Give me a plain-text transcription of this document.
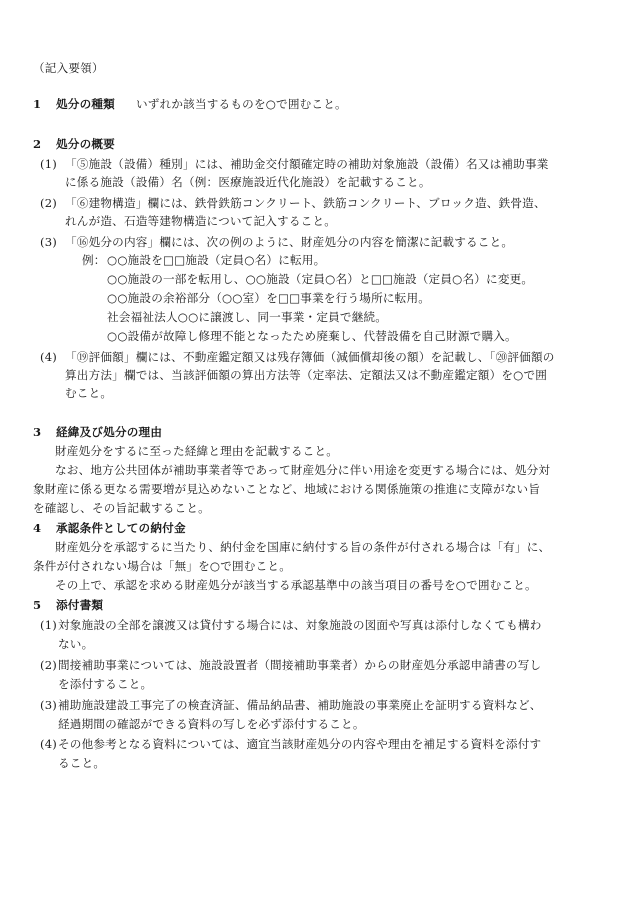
（記入要領）
1 処分の種類 いずれか該当するものを○で囲むこと。
2 処分の概要
(1) 「⑤施設（設備）種別」には、補助金交付額確定時の補助対象施設（設備）名又は補助事業
に係る施設（設備）名（例：医療施設近代化施設）を記載すること。
(2) 「⑥建物構造」欄には、鉄骨鉄筋コンクリート、鉄筋コンクリート、ブロック造、鉄骨造、
れんが造、石造等建物構造について記入すること。
(3) 「⑯処分の内容」欄には、次の例のように、財産処分の内容を簡潔に記載すること。
例： ○○施設を□□施設（定員○名）に転用。
○○施設の一部を転用し、○○施設（定員○名）と□□施設（定員○名）に変更。
○○施設の余裕部分（○○室）を□□事業を行う場所に転用。
社会福祉法人○○に譲渡し、同一事業・定員で継続。
○○設備が故障し修理不能となったため廃棄し、代替設備を自己財源で購入。
(4) 「⑲評価額」欄には、不動産鑑定額又は残存簿価（減価償却後の額）を記載し、「⑳評価額の
算出方法」欄では、当該評価額の算出方法等（定率法、定額法又は不動産鑑定額）を○で囲
むこと。
3 経緯及び処分の理由
財産処分をするに至った経緯と理由を記載すること。
なお、地方公共団体が補助事業者等であって財産処分に伴い用途を変更する場合には、処分対
象財産に係る更なる需要増が見込めないことなど、地域における関係施策の推進に支障がない旨
を確認し、その旨記載すること。
4 承認条件としての納付金
財産処分を承認するに当たり、納付金を国庫に納付する旨の条件が付される場合は「有」に、
条件が付されない場合は「無」を○で囲むこと。
その上で、承認を求める財産処分が該当する承認基準中の該当項目の番号を○で囲むこと。
5 添付書類
(1) 対象施設の全部を譲渡又は貸付する場合には、対象施設の図面や写真は添付しなくても構わ
ない。
(2) 間接補助事業については、施設設置者（間接補助事業者）からの財産処分承認申請書の写し
を添付すること。
(3) 補助施設建設工事完了の検査済証、備品納品書、補助施設の事業廃止を証明する資料など、
経過期間の確認ができる資料の写しを必ず添付すること。
(4) その他参考となる資料については、適宜当該財産処分の内容や理由を補足する資料を添付す
ること。
